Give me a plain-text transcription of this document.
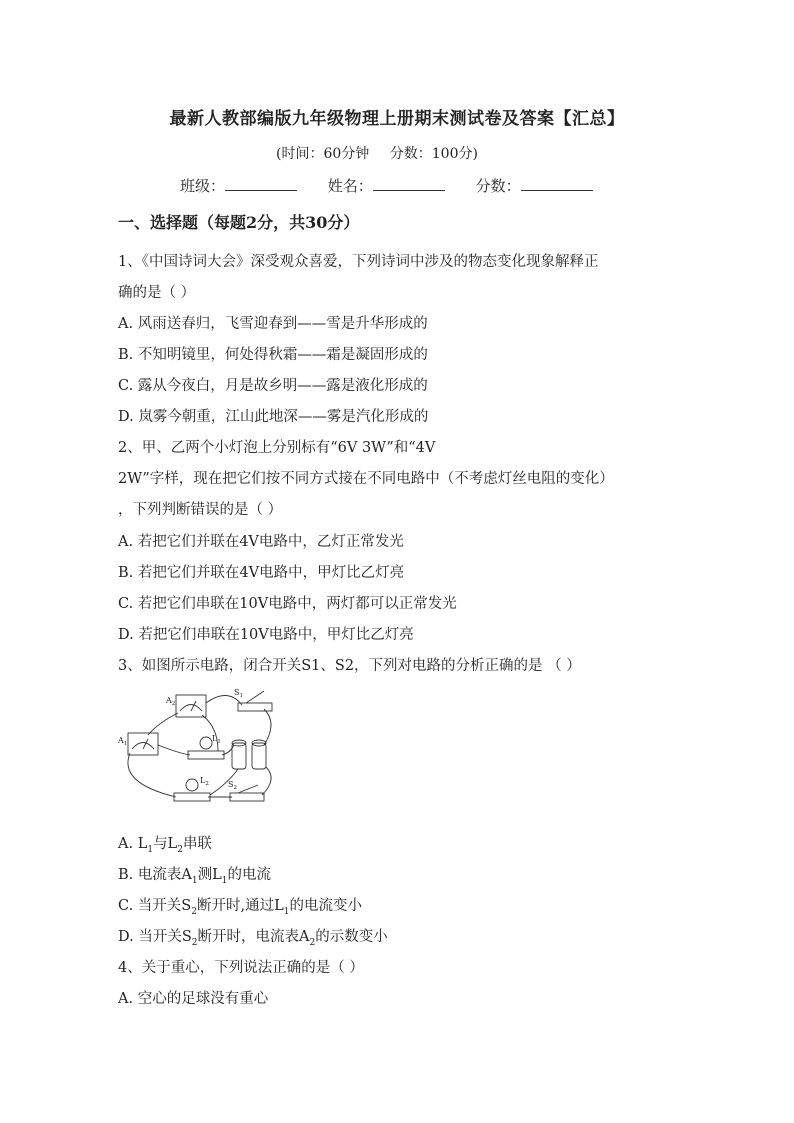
最新人教部编版九年级物理上册期末测试卷及答案【汇总】
(时间：60分钟 分数：100分)
班级：	姓名：	分数：
一、选择题（每题2分，共30分）
1、《中国诗词大会》深受观众喜爱，下列诗词中涉及的物态变化现象解释正
确的是（ ）
A. 风雨送春归，飞雪迎春到——雪是升华形成的
B. 不知明镜里，何处得秋霜——霜是凝固形成的
C. 露从今夜白，月是故乡明——露是液化形成的
D. 岚雾今朝重，江山此地深——雾是汽化形成的
2、甲、乙两个小灯泡上分别标有“6V 3W”和“4V
2W”字样，现在把它们按不同方式接在不同电路中（不考虑灯丝电阻的变化）
，下列判断错误的是（ ）
A. 若把它们并联在4V电路中，乙灯正常发光
B. 若把它们并联在4V电路中，甲灯比乙灯亮
C. 若把它们串联在10V电路中，两灯都可以正常发光
D. 若把它们串联在10V电路中，甲灯比乙灯亮
3、如图所示电路，闭合开关S1、S2，下列对电路的分析正确的是 （ ）
$S_1$
$A_2$
$A_1$
$L_1$
$L_2$ $S_2$
A. $L_1$与$L_2$串联
B. 电流表$A_1$测$L_1$的电流
C. 当开关$S_2$断开时,通过$L_1$的电流变小
D. 当开关$S_2$断开时，电流表$A_2$的示数变小
4、关于重心，下列说法正确的是（ ）
A. 空心的足球没有重心
